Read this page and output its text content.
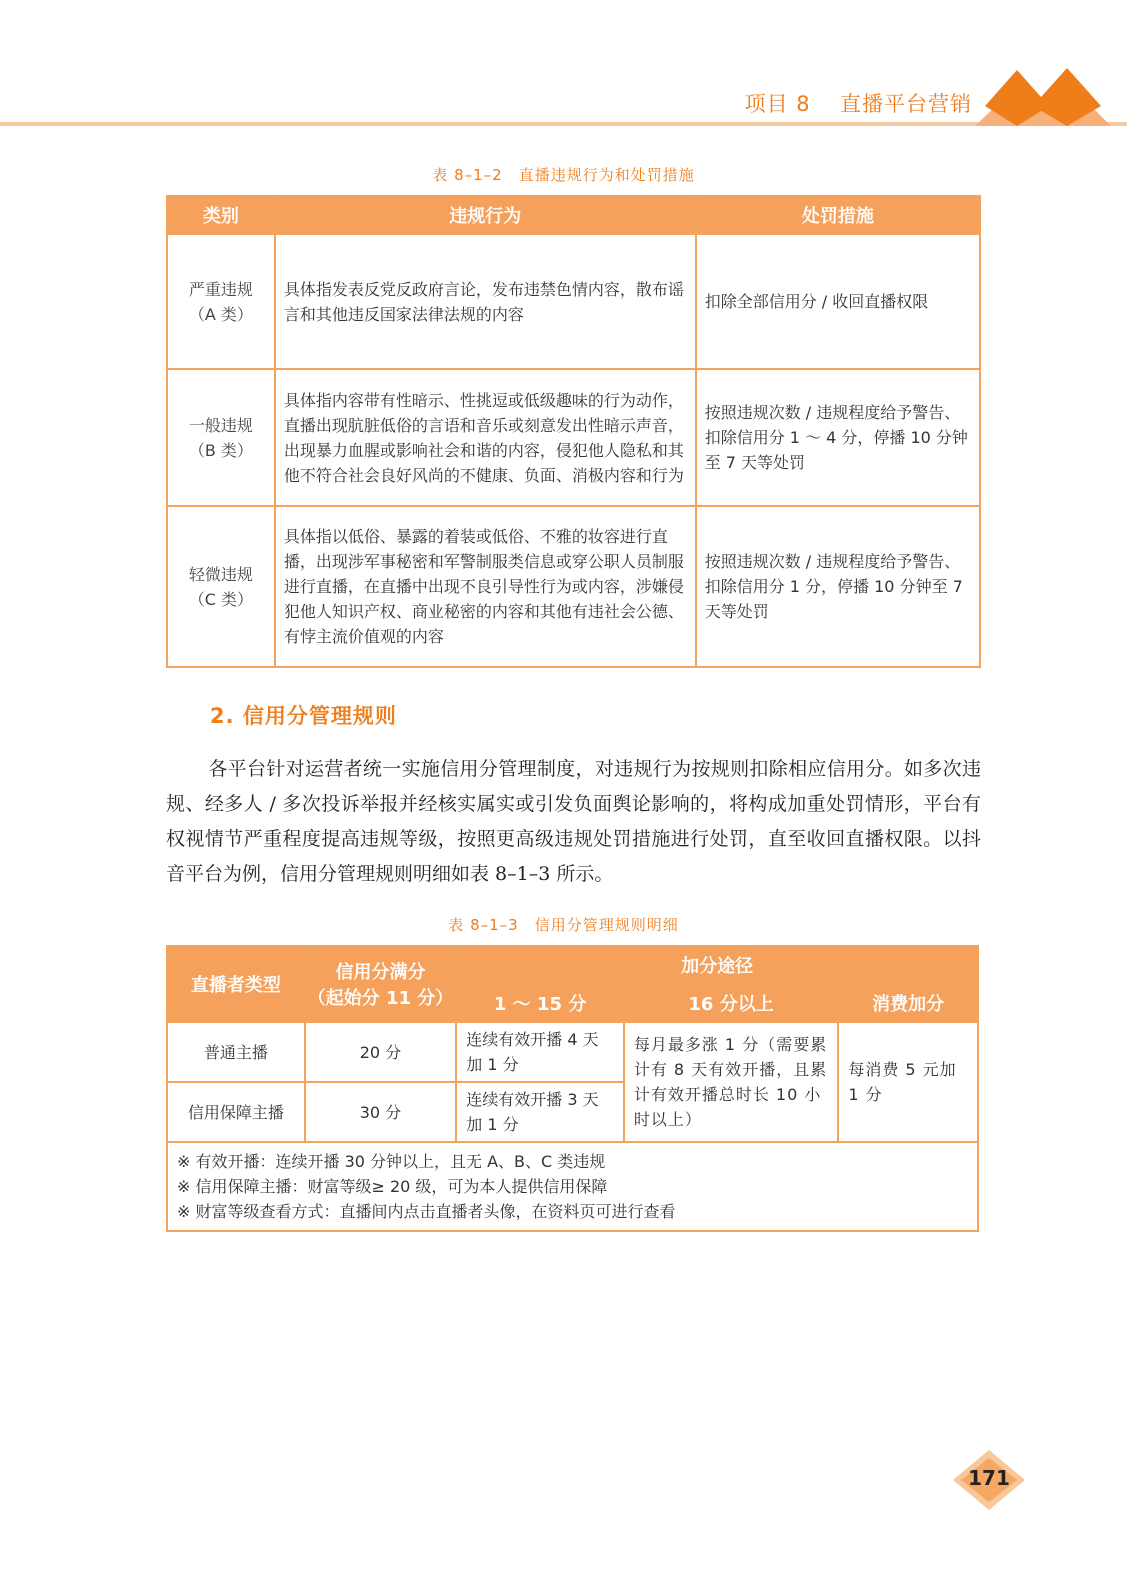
项目 8 直播平台营销
表 8–1–2　直播违规行为和处罚措施
类别	违规行为	处罚措施

严重违规
（A 类）	具体指发表反党反政府言论，发布违禁色情内容，散布谣言和其他违反国家法律法规的内容	扣除全部信用分 / 收回直播权限

一般违规
（B 类）	具体指内容带有性暗示、性挑逗或低级趣味的行为动作，直播出现肮脏低俗的言语和音乐或刻意发出性暗示声音，出现暴力血腥或影响社会和谐的内容，侵犯他人隐私和其他不符合社会良好风尚的不健康、负面、消极内容和行为	按照违规次数 / 违规程度给予警告、扣除信用分 1 ～ 4 分，停播 10 分钟至 7 天等处罚

轻微违规
（C 类）	具体指以低俗、暴露的着装或低俗、不雅的妆容进行直播，出现涉军事秘密和军警制服类信息或穿公职人员制服进行直播，在直播中出现不良引导性行为或内容，涉嫌侵犯他人知识产权、商业秘密的内容和其他有违社会公德、有悖主流价值观的内容	按照违规次数 / 违规程度给予警告、扣除信用分 1 分，停播 10 分钟至 7 天等处罚
2. 信用分管理规则
各平台针对运营者统一实施信用分管理制度，对违规行为按规则扣除相应信用分。如多次违规、经多人 / 多次投诉举报并经核实属实或引发负面舆论影响的，将构成加重处罚情形，平台有权视情节严重程度提高违规等级，按照更高级违规处罚措施进行处罚，直至收回直播权限。以抖音平台为例，信用分管理规则明细如表 8–1–3 所示。
表 8–1–3　信用分管理规则明细
直播者类型	信用分满分
（起始分 11 分）	加分途径		
		1 ～ 15 分	16 分以上	消费加分
普通主播	20 分	连续有效开播 4 天加 1 分	每月最多涨 1 分（需要累计有 8 天有效开播，且累计有效开播总时长 10 小时以上）	每消费 5 元加 1 分
信用保障主播	30 分	连续有效开播 3 天加 1 分		

※ 有效开播：连续开播 30 分钟以上，且无 A、B、C 类违规
※ 信用保障主播：财富等级≥ 20 级，可为本人提供信用保障
※ 财富等级查看方式：直播间内点击直播者头像，在资料页可进行查看				
171
